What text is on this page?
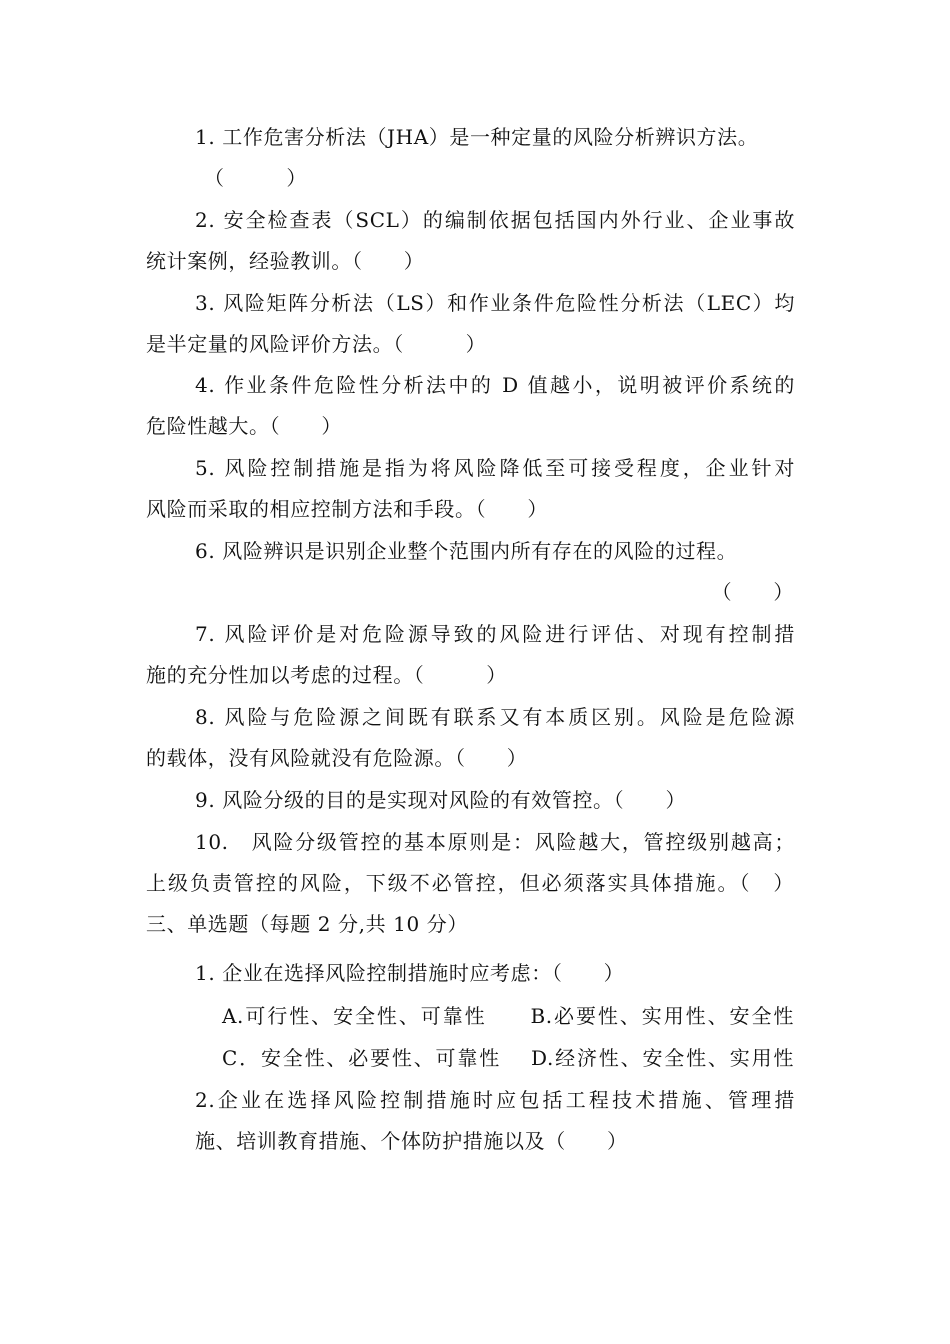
1. 工作危害分析法（JHA）是一种定量的风险分析辨识方法。
（　　　）
2. 安全检查表（SCL）的编制依据包括国内外行业、企业事故
统计案例，经验教训。（　　）
3. 风险矩阵分析法（LS）和作业条件危险性分析法（LEC）均
是半定量的风险评价方法。（　　　）
4. 作业条件危险性分析法中的 D 值越小，说明被评价系统的
危险性越大。（　　）
5. 风险控制措施是指为将风险降低至可接受程度，企业针对
风险而采取的相应控制方法和手段。（　　）
6. 风险辨识是识别企业整个范围内所有存在的风险的过程。
（　　）
7. 风险评价是对危险源导致的风险进行评估、对现有控制措
施的充分性加以考虑的过程。（　　　）
8. 风险与危险源之间既有联系又有本质区别。风险是危险源
的载体，没有风险就没有危险源。（　　）
9. 风险分级的目的是实现对风险的有效管控。（　　）
10.　风险分级管控的基本原则是：风险越大，管控级别越高；
上级负责管控的风险，下级不必管控，但必须落实具体措施。（　）
三、单选题（每题 2 分,共 10 分）
1. 企业在选择风险控制措施时应考虑：（　　）
A.可行性、安全性、可靠性　　B.必要性、实用性、安全性
C．安全性、必要性、可靠性　 D.经济性、安全性、实用性
2.企业在选择风险控制措施时应包括工程技术措施、管理措
施、培训教育措施、个体防护措施以及（　　）
